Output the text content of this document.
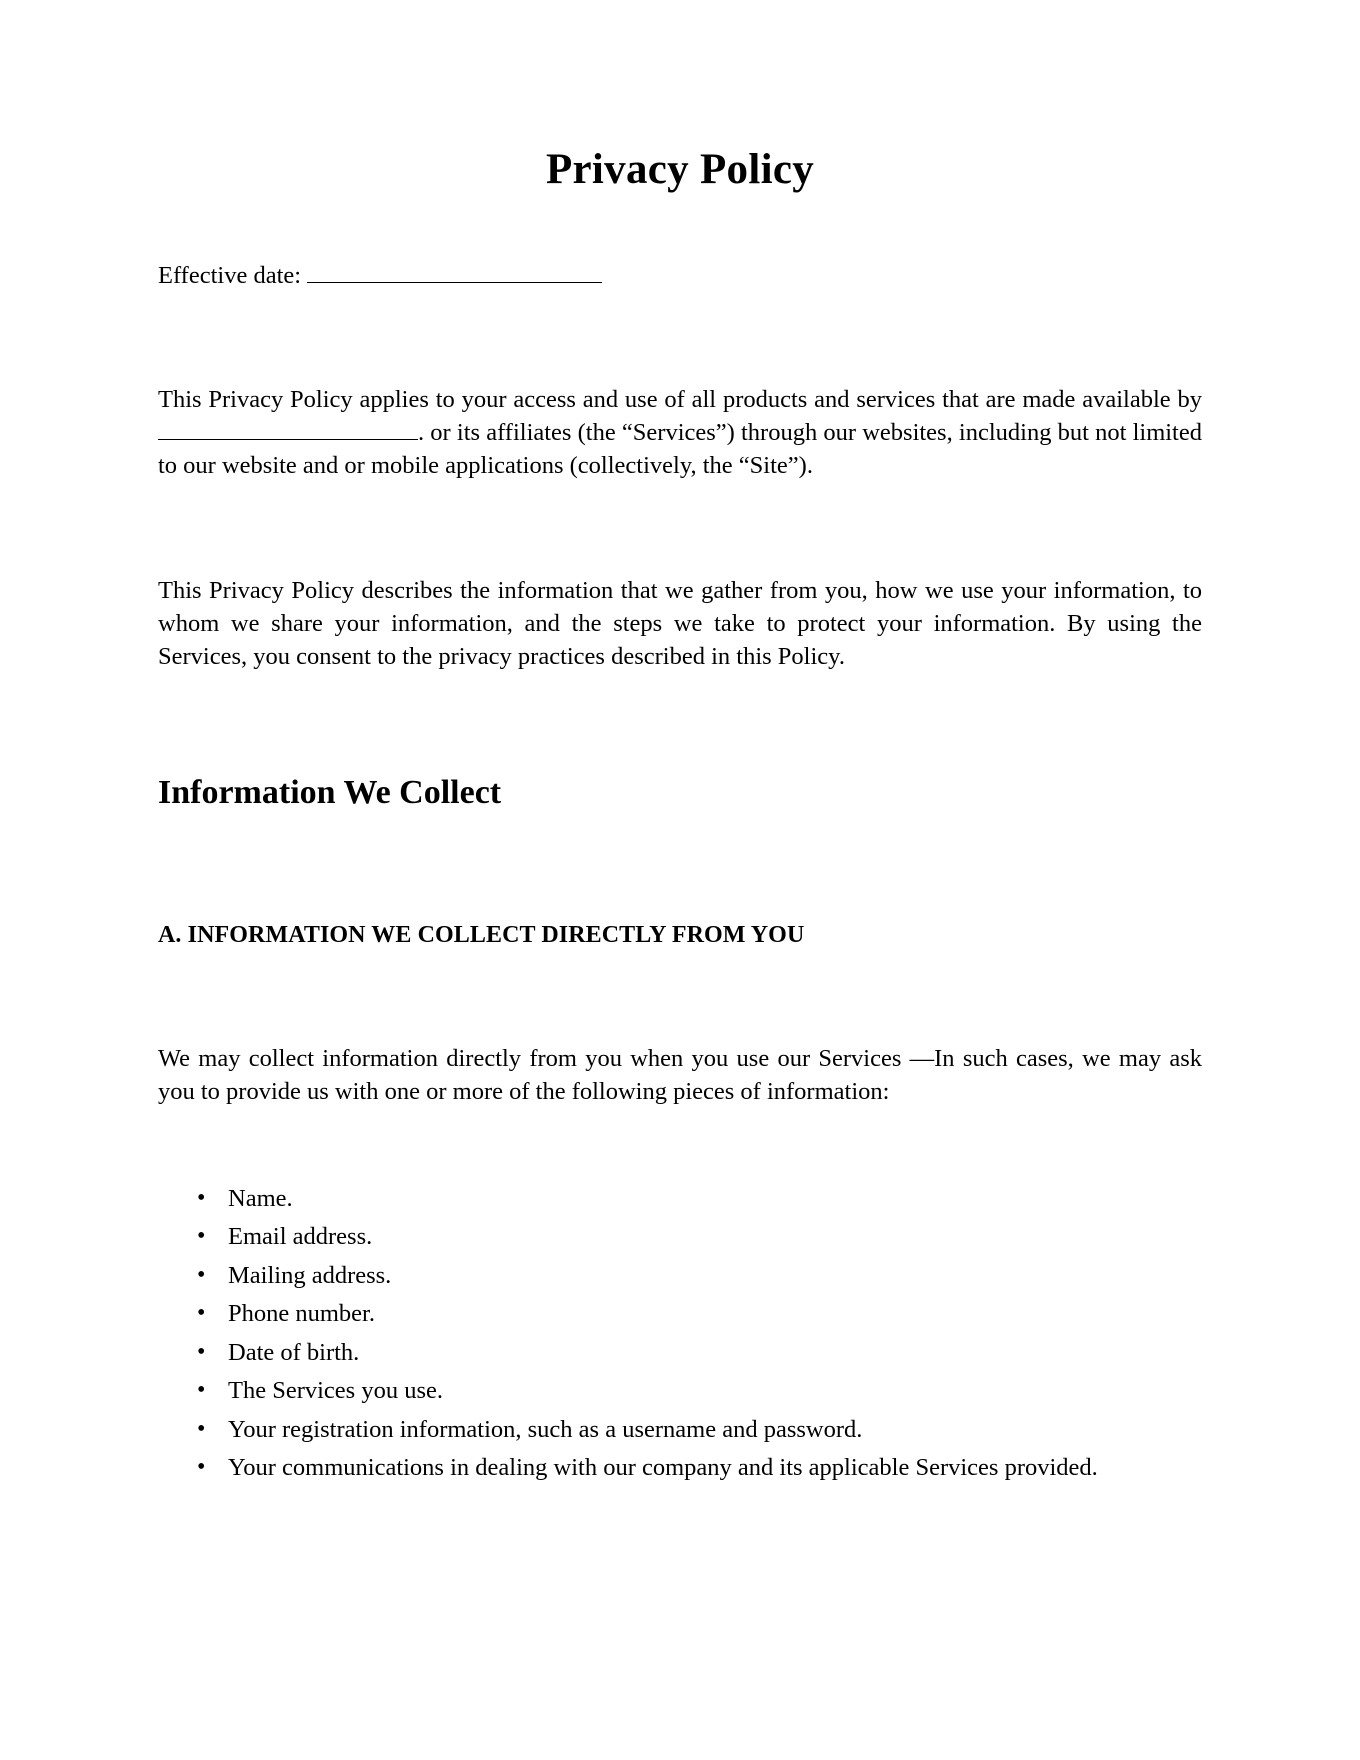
Privacy Policy
Effective date:

This Privacy Policy applies to your access and use of all products and services that are made available by . or its affiliates (the “Services”) through our websites, including but not limited to our website and or mobile applications (collectively, the “Site”).

This Privacy Policy describes the information that we gather from you, how we use your information, to whom we share your information, and the steps we take to protect your information. By using the Services, you consent to the privacy practices described in this Policy.

Information We Collect
A. INFORMATION WE COLLECT DIRECTLY FROM YOU

We may collect information directly from you when you use our Services —In such cases, we may ask you to provide us with one or more of the following pieces of information:

• Name.
• Email address.
• Mailing address.
• Phone number.
• Date of birth.
• The Services you use.
• Your registration information, such as a username and password.
• Your communications in dealing with our company and its applicable Services provided.
